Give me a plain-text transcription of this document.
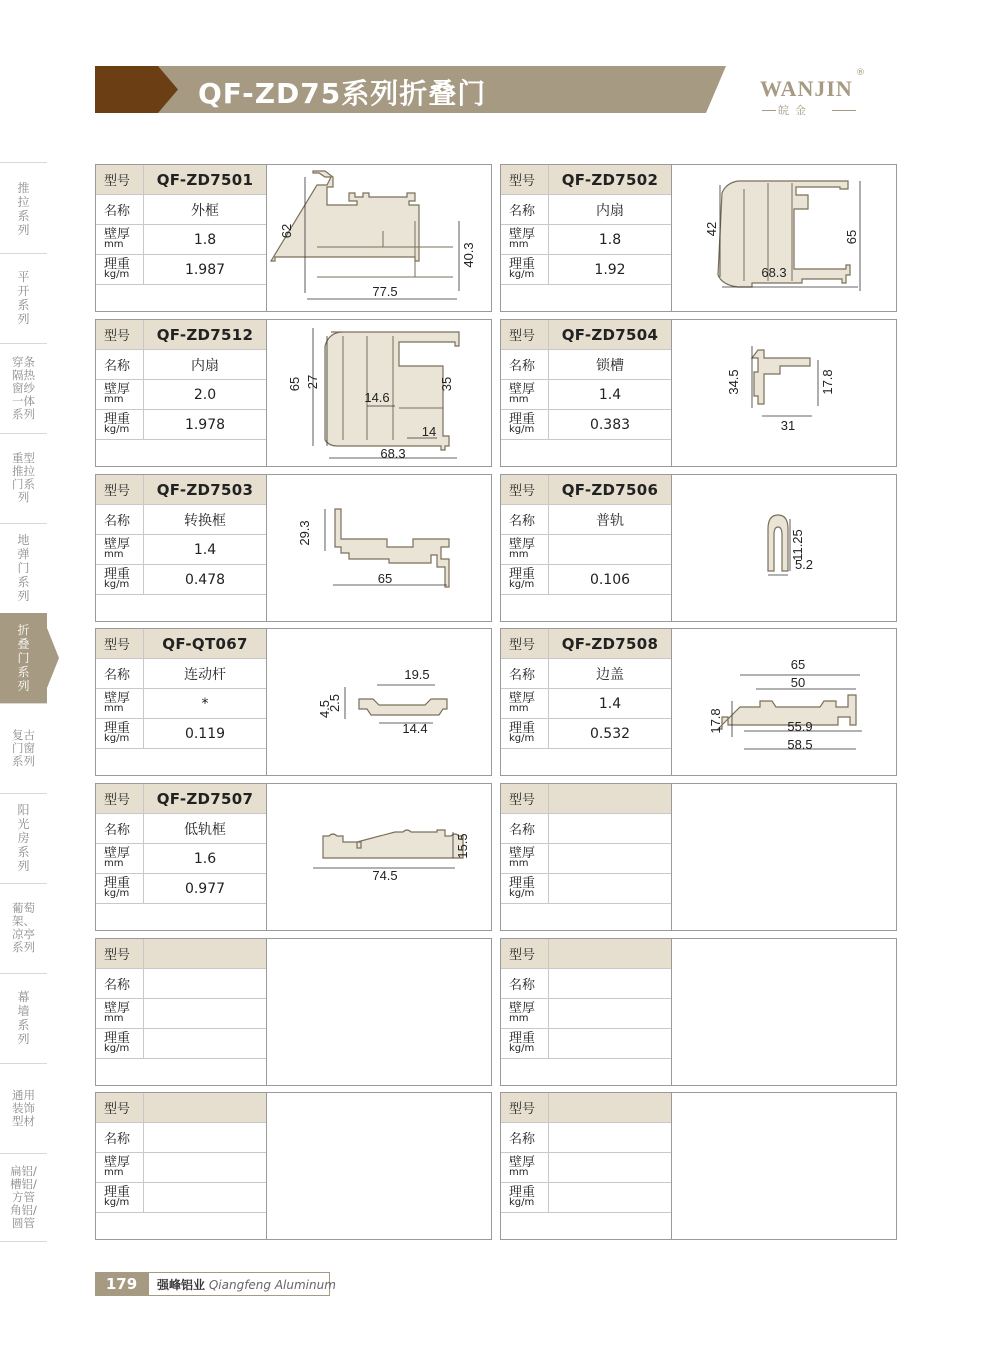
QF-ZD75系列折叠门	WANJIN
®
皖金
推拉系列
平开系列
穿条隔热窗纱一体系列
重型推拉门系列
地弹门系列
折叠门系列
复古门窗系列
阳光房系列
葡萄架、凉亭系列
幕墙系列
通用装饰型材
扁铝/槽铝/方管角铝/圆管
型号	QF-ZD7501
名称	外框
壁厚
mm	1.8
理重
kg/m	1.987
62
40.3
77.5
型号	QF-ZD7502
名称	内扇
壁厚
mm	1.8
理重
kg/m	1.92
42
65
68.3
型号	QF-ZD7512
名称	内扇
壁厚
mm	2.0
理重
kg/m	1.978
65 27
14.6
35
14
68.3
型号	QF-ZD7504
名称	锁槽
壁厚
mm	1.4
理重
kg/m	0.383
34.5	17.8
31
型号	QF-ZD7503
名称	转换框
壁厚
mm	1.4
理重
kg/m	0.478
29.3
65
型号	QF-ZD7506
名称	普轨
壁厚
mm
理重
kg/m	0.106
11.25
5.2
型号	QF-QT067
名称	连动杆
壁厚
mm	*
理重
kg/m	0.119
2.5
19.5
4.5
14.4
型号	QF-ZD7508
名称	边盖
壁厚
mm	1.4
理重
kg/m	0.532
65
50
17.8	55.9
58.5
型号	QF-ZD7507
名称	低轨框
壁厚
mm	1.6
理重
kg/m	0.977
15.5
74.5
型号
名称
壁厚
mm
理重
kg/m
型号
名称
壁厚
mm
理重
kg/m
型号
名称
壁厚
mm
理重
kg/m
型号
名称
壁厚
mm
理重
kg/m
型号
名称
壁厚
mm
理重
kg/m
179	强峰铝业 Qiangfeng Aluminum
